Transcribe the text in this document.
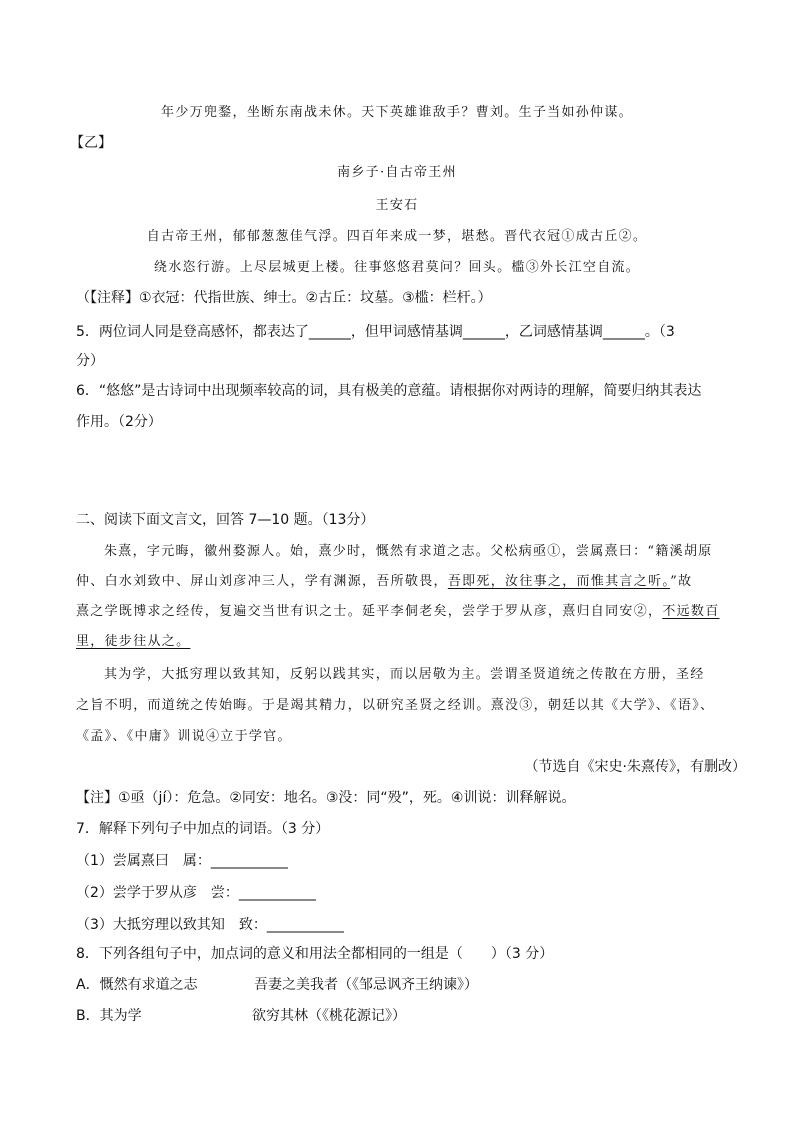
年少万兜鍪，坐断东南战未休。天下英雄谁敌手？曹刘。生子当如孙仲谋。
【乙】
南乡子·自古帝王州
王安石
自古帝王州，郁郁葱葱佳气浮。四百年来成一梦，堪愁。晋代衣冠①成古丘②。
绕水恣行游。上尽层城更上楼。往事悠悠君莫问？回头。槛③外长江空自流。
（【注释】①衣冠：代指世族、绅士。②古丘：坟墓。③槛：栏杆。）
5．两位词人同是登高感怀，都表达了______，但甲词感情基调______，乙词感情基调______。（3
分）
6．“悠悠”是古诗词中出现频率较高的词，具有极美的意蕴。请根据你对两诗的理解，简要归纳其表达
作用。（2分）
二、阅读下面文言文，回答 7—10 题。（13分）
朱熹，字元晦，徽州婺源人。始，熹少时，慨然有求道之志。父松病亟①，尝属熹曰：“籍溪胡原
仲、白水刘致中、屏山刘彦冲三人，学有渊源，吾所敬畏，吾即死，汝往事之，而惟其言之听。”故
熹之学既博求之经传，复遍交当世有识之士。延平李侗老矣，尝学于罗从彦，熹归自同安②，不远数百
里，徒步往从之。
其为学，大抵穷理以致其知，反躬以践其实，而以居敬为主。尝谓圣贤道统之传散在方册，圣经
之旨不明，而道统之传始晦。于是竭其精力，以研究圣贤之经训。熹没③，朝廷以其《大学》、《语》、
《孟》、《中庸》训说④立于学官。
（节选自《宋史·朱熹传》，有删改）
【注】①亟（jí）：危急。②同安：地名。③没：同“殁”，死。④训说：训释解说。
7．解释下列句子中加点的词语。（3 分）
（1）尝属熹曰　属：___________
（2）尝学于罗从彦　尝：___________
（3）大抵穷理以致其知　致：___________
8．下列各组句子中，加点词的意义和用法全都相同的一组是（　　）（3 分）
A．慨然有求道之志	吾妻之美我者（《邹忌讽齐王纳谏》）
B．其为学	欲穷其林（《桃花源记》）
